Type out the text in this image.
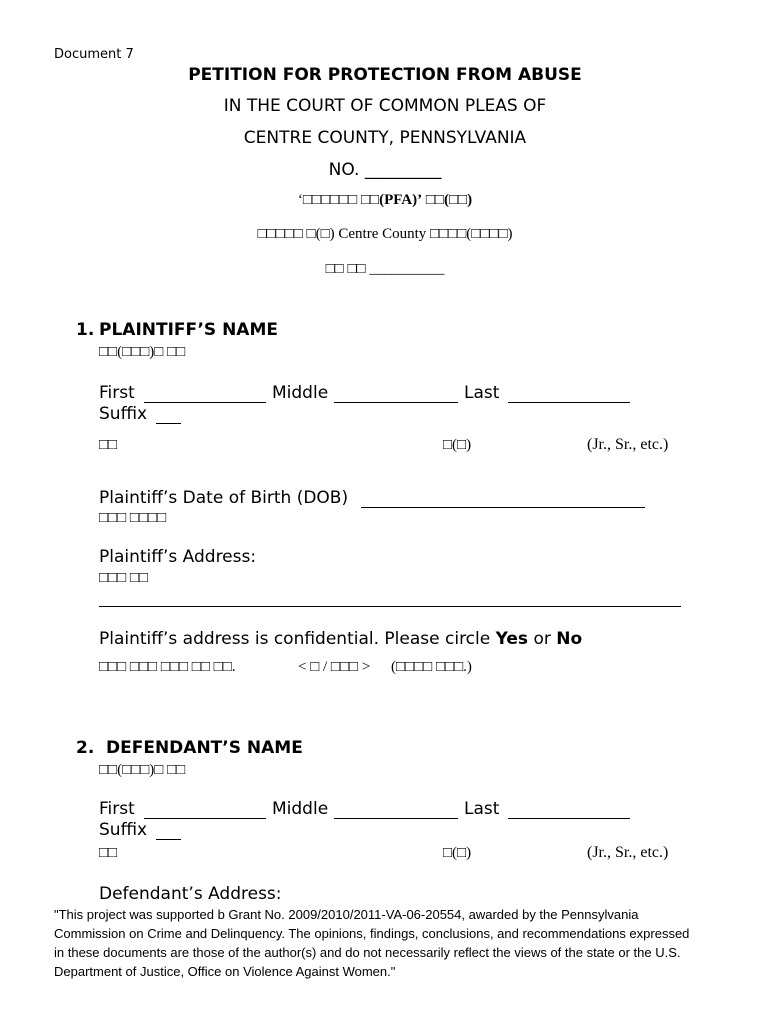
Document 7
PETITION FOR PROTECTION FROM ABUSE
IN THE COURT OF COMMON PLEAS OF
CENTRE COUNTY, PENNSYLVANIA
NO. _________
‘□□□□□□ □□(PFA)’ □□(□□)
□□□□□ □(□) Centre County □□□□(□□□□)
□□ □□ __________
1. PLAINTIFF’S NAME
□□(□□□)□ □□
First	Middle	Last
Suffix
□□	□(□)	(Jr., Sr., etc.)
Plaintiff’s Date of Birth (DOB)
□□□ □□□□
Plaintiff’s Address:
□□□ □□
Plaintiff’s address is confidential. Please circle Yes or No
□□□ □□□ □□□ □□ □□.	< □ / □□□ > (□□□□ □□□.)
2. DEFENDANT’S NAME
□□(□□□)□ □□
First	Middle	Last
Suffix
□□	□(□)	(Jr., Sr., etc.)
Defendant’s Address:
"This project was supported b Grant No. 2009/2010/2011-VA-06-20554, awarded by the Pennsylvania Commission on Crime and Delinquency. The opinions, findings, conclusions, and recommendations expressed in these documents are those of the author(s) and do not necessarily reflect the views of the state or the U.S. Department of Justice, Office on Violence Against Women."
